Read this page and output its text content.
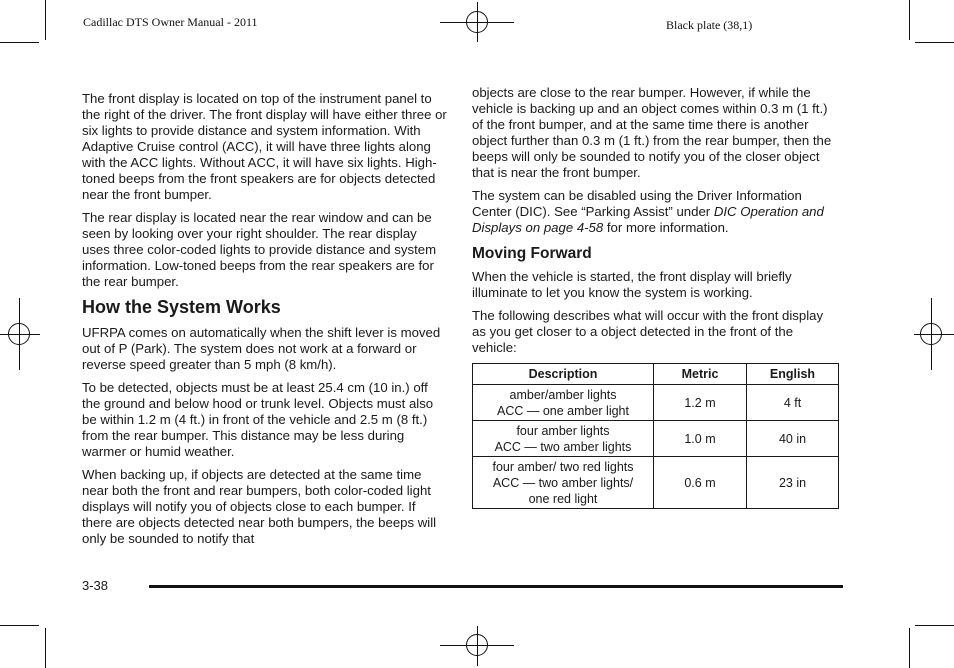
Cadillac DTS Owner Manual - 2011	Black plate (38,1)

The front display is located on top of the instrument panel to the right of the driver. The front display will have either three or six lights to provide distance and system information. With Adaptive Cruise control (ACC), it will have three lights along with the ACC lights. Without ACC, it will have six lights. High-toned beeps from the front speakers are for objects detected near the front bumper.

The rear display is located near the rear window and can be seen by looking over your right shoulder. The rear display uses three color-coded lights to provide distance and system information. Low-toned beeps from the rear speakers are for the rear bumper.

How the System Works

UFRPA comes on automatically when the shift lever is moved out of P (Park). The system does not work at a forward or reverse speed greater than 5 mph (8 km/h).

To be detected, objects must be at least 25.4 cm (10 in.) off the ground and below hood or trunk level. Objects must also be within 1.2 m (4 ft.) in front of the vehicle and 2.5 m (8 ft.) from the rear bumper. This distance may be less during warmer or humid weather.

When backing up, if objects are detected at the same time near both the front and rear bumpers, both color-coded light displays will notify you of objects close to each bumper. If there are objects detected near both bumpers, the beeps will only be sounded to notify that

objects are close to the rear bumper. However, if while the vehicle is backing up and an object comes within 0.3 m (1 ft.) of the front bumper, and at the same time there is another object further than 0.3 m (1 ft.) from the rear bumper, then the beeps will only be sounded to notify you of the closer object that is near the front bumper.

The system can be disabled using the Driver Information Center (DIC). See “Parking Assist” under DIC Operation and Displays on page 4-58 for more information.

Moving Forward

When the vehicle is started, the front display will briefly illuminate to let you know the system is working.

The following describes what will occur with the front display as you get closer to a object detected in the front of the vehicle:

Description	Metric	English
amber/amber lights
ACC — one amber light	1.2 m	4 ft
four amber lights
ACC — two amber lights	1.0 m	40 in
four amber/ two red lights
ACC — two amber lights/
one red light	0.6 m	23 in
3-38
